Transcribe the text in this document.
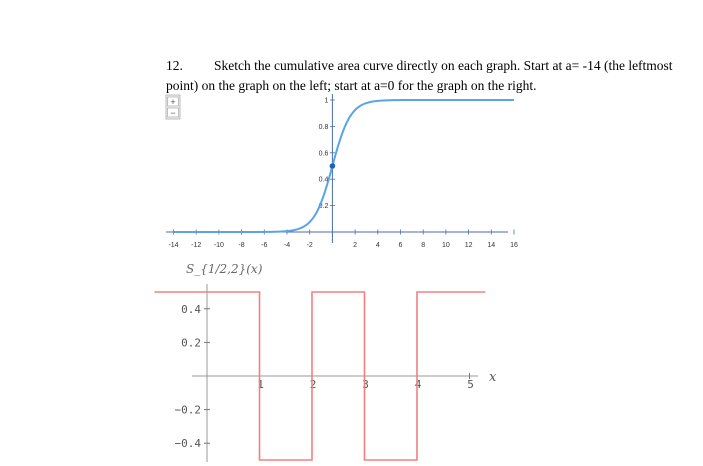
12. Sketch the cumulative area curve directly on each graph. Start at a= -14 (the leftmost point) on the graph on the left; start at a=0 for the graph on the right.
+
−
-14 -12 -10 -8 -6 -4 -2	2	4	6	8 10 12 14 16
0.2
0.4
0.6
0.8
1
S_{1/2,2}(x)
1	2	3	4	5
0.4
0.2
−0.2
−0.4
x
